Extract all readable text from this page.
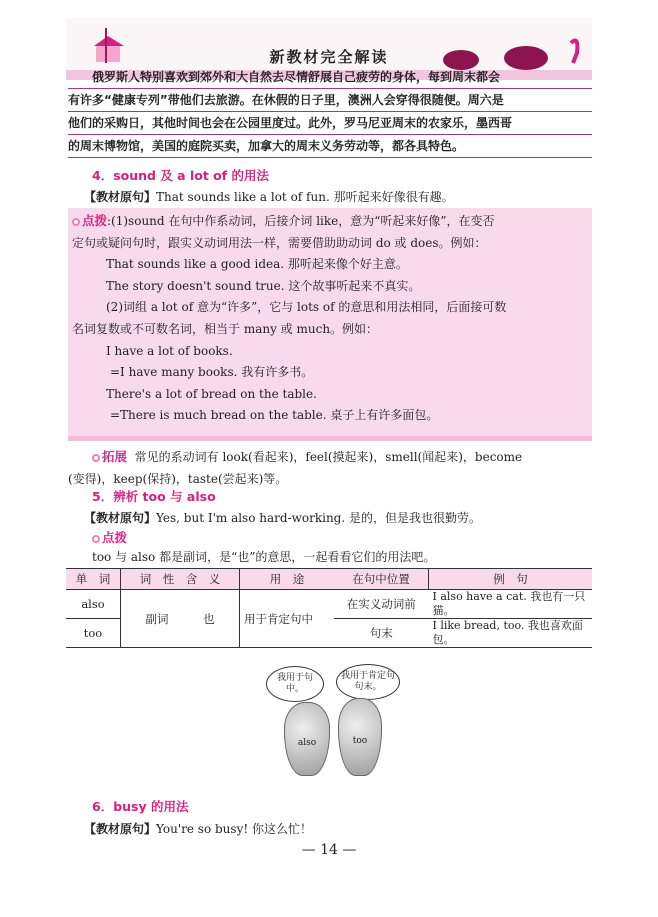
新教材完全解读
俄罗斯人特别喜欢到郊外和大自然去尽情舒展自己疲劳的身体，每到周末都会
有许多“健康专列”带他们去旅游。在休假的日子里，澳洲人会穿得很随便。周六是
他们的采购日，其他时间也会在公园里度过。此外，罗马尼亚周末的农家乐，墨西哥
的周末博物馆，美国的庭院买卖，加拿大的周末义务劳动等，都各具特色。
4．sound 及 a lot of 的用法
【教材原句】That sounds like a lot of fun. 那听起来好像很有趣。
点拨:(1)sound 在句中作系动词，后接介词 like，意为“听起来好像”，在变否
定句或疑问句时，跟实义动词用法一样，需要借助助动词 do 或 does。例如：
That sounds like a good idea. 那听起来像个好主意。
The story doesn't sound true. 这个故事听起来不真实。
(2)词组 a lot of 意为“许多”，它与 lots of 的意思和用法相同，后面接可数
名词复数或不可数名词，相当于 many 或 much。例如：
I have a lot of books.
=I have many books. 我有许多书。
There's a lot of bread on the table.
=There is much bread on the table. 桌子上有许多面包。
拓展 常见的系动词有 look(看起来)，feel(摸起来)，smell(闻起来)，become
(变得)，keep(保持)，taste(尝起来)等。
5．辨析 too 与 also
【教材原句】Yes, but I'm also hard-working. 是的，但是我也很勤劳。
点拨
too 与 also 都是副词，是“也”的意思，一起看看它们的用法吧。
单　词	词　性　含　义	用　途	在句中位置	例　句
also	副词　　　也	用于肯定句中	在实义动词前	I also have a cat. 我也有一只猫。
too			句末	I like bread, too. 我也喜欢面包。
我用于句中。
我用于肯定句句末。
also	too
6．busy 的用法
【教材原句】You're so busy! 你这么忙！
— 14 —
